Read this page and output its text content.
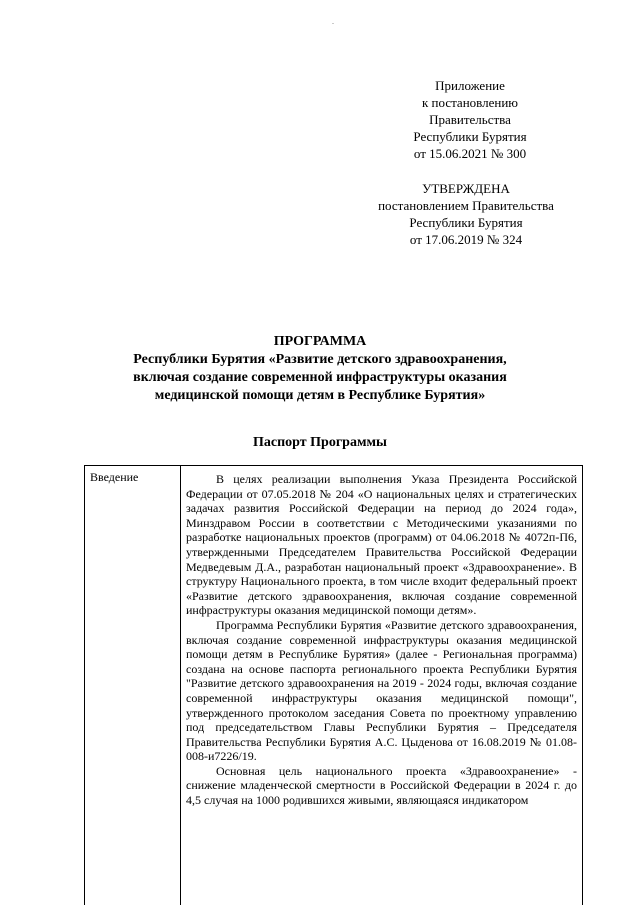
.
Приложение
к постановлению
Правительства
Республики Бурятия
от 15.06.2021 № 300
УТВЕРЖДЕНА
постановлением Правительства
Республики Бурятия
от 17.06.2019 № 324
ПРОГРАММА
Республики Бурятия «Развитие детского здравоохранения,
включая создание современной инфраструктуры оказания
медицинской помощи детям в Республике Бурятия»
Паспорт Программы
Введение	В целях реализации выполнения Указа Президента Российской Федерации от 07.05.2018 № 204 «О национальных целях и стратегических задачах развития Российской Федерации на период до 2024 года», Минздравом России в соответствии с Методическими указаниями по разработке национальных проектов (программ) от 04.06.2018 № 4072п-П6, утвержденными Председателем Правительства Российской Федерации Медведевым Д.А., разработан национальный проект «Здравоохранение». В структуру Национального проекта, в том числе входит федеральный проект «Развитие детского здравоохранения, включая создание современной инфраструктуры оказания медицинской помощи детям».

Программа Республики Бурятия «Развитие детского здравоохранения, включая создание современной инфраструктуры оказания медицинской помощи детям в Республике Бурятия» (далее - Региональная программа) создана на основе паспорта регионального проекта Республики Бурятия "Развитие детского здравоохранения на 2019 - 2024 годы, включая создание современной инфраструктуры оказания медицинской помощи", утвержденного протоколом заседания Совета по проектному управлению под председательством Главы Республики Бурятия – Председателя Правительства Республики Бурятия А.С. Цыденова от 16.08.2019 № 01.08-008-и7226/19.

Основная цель национального проекта «Здравоохранение» - снижение младенческой смертности в Российской Федерации в 2024 г. до 4,5 случая на 1000 родившихся живыми, являющаяся индикатором
